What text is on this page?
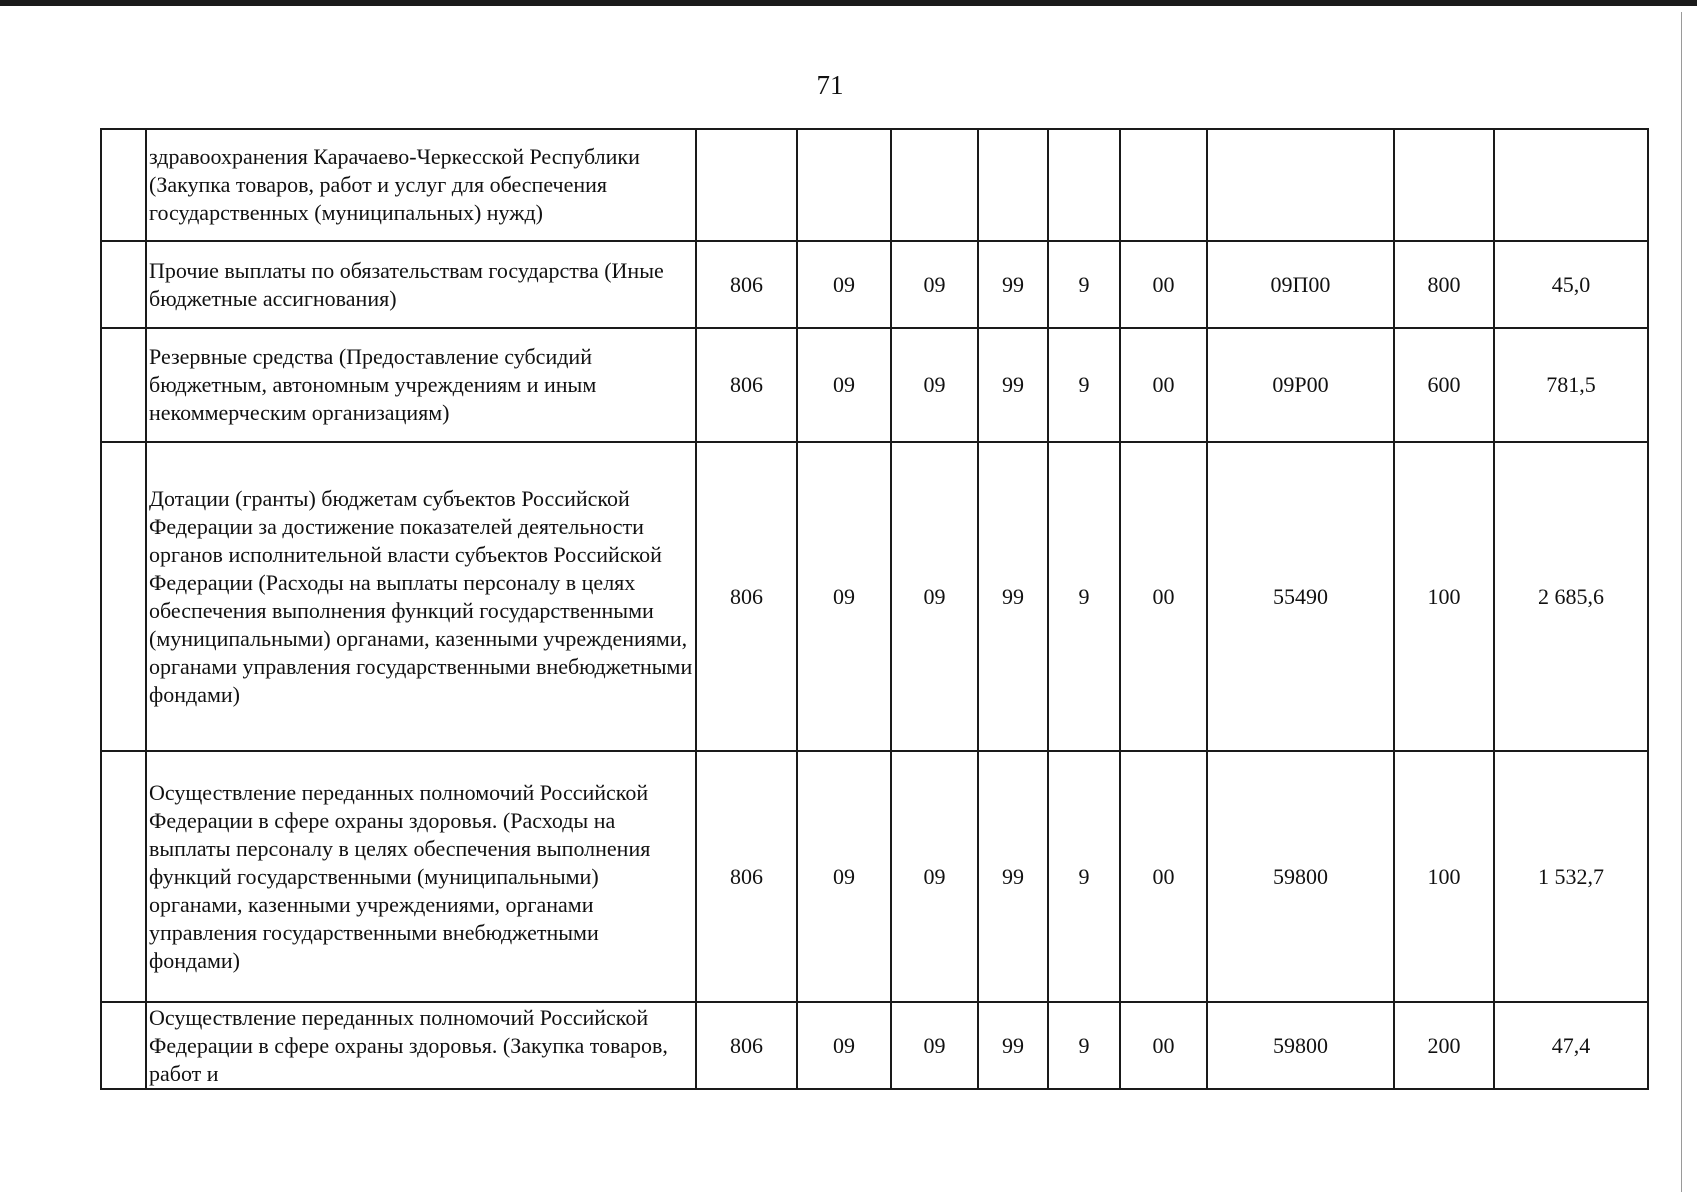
71

	здравоохранения Карачаево-Черкесской Республики (Закупка товаров, работ и услуг для обеспечения государственных (муниципальных) нужд)									

	Прочие выплаты по обязательствам государства (Иные бюджетные ассигнования)	806	09	09	99	9	00	09П00	800	45,0

	Резервные средства (Предоставление субсидий бюджетным, автономным учреждениям и иным некоммерческим организациям)	806	09	09	99	9	00	09Р00	600	781,5

	Дотации (гранты) бюджетам субъектов Российской Федерации за достижение показателей деятельности органов исполнительной власти субъектов Российской Федерации (Расходы на выплаты персоналу в целях обеспечения выполнения функций государственными (муниципальными) органами, казенными учреждениями, органами управления государственными внебюджетными фондами)	806	09	09	99	9	00	55490	100	2 685,6

	Осуществление переданных полномочий Российской Федерации в сфере охраны здоровья. (Расходы на выплаты персоналу в целях обеспечения выполнения функций государственными (муниципальными) органами, казенными учреждениями, органами управления государственными внебюджетными фондами)	806	09	09	99	9	00	59800	100	1 532,7

	Осуществление переданных полномочий Российской Федерации в сфере охраны здоровья. (Закупка товаров, работ и	806	09	09	99	9	00	59800	200	47,4
